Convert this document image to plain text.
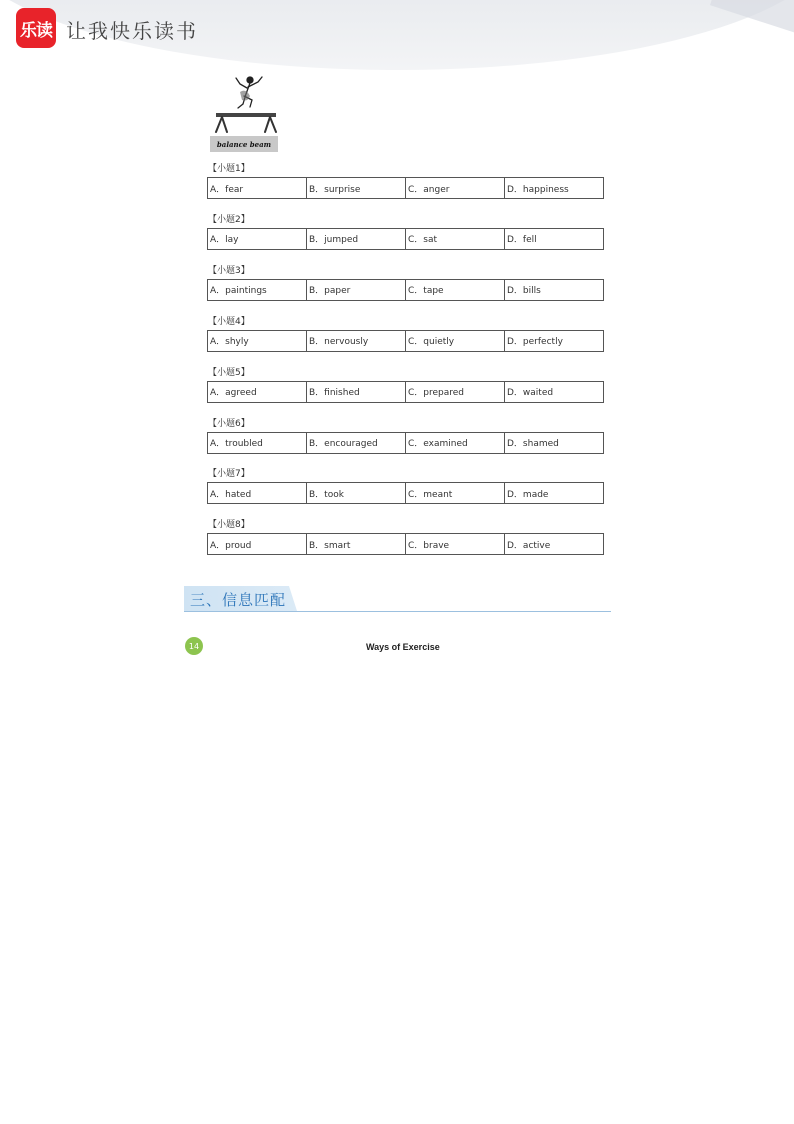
乐读 让我快乐读书
balance beam
【小题1】
A．fear	B．surprise	C．anger	D．happiness
【小题2】
A．lay	B．jumped	C．sat	D．fell
【小题3】
A．paintings	B．paper	C．tape	D．bills
【小题4】
A．shyly	B．nervously	C．quietly	D．perfectly
【小题5】
A．agreed	B．finished	C．prepared	D．waited
【小题6】
A．troubled	B．encouraged	C．examined	D．shamed
【小题7】
A．hated	B．took	C．meant	D．made
【小题8】
A．proud	B．smart	C．brave	D．active
三、信息匹配
14	Ways of Exercise
